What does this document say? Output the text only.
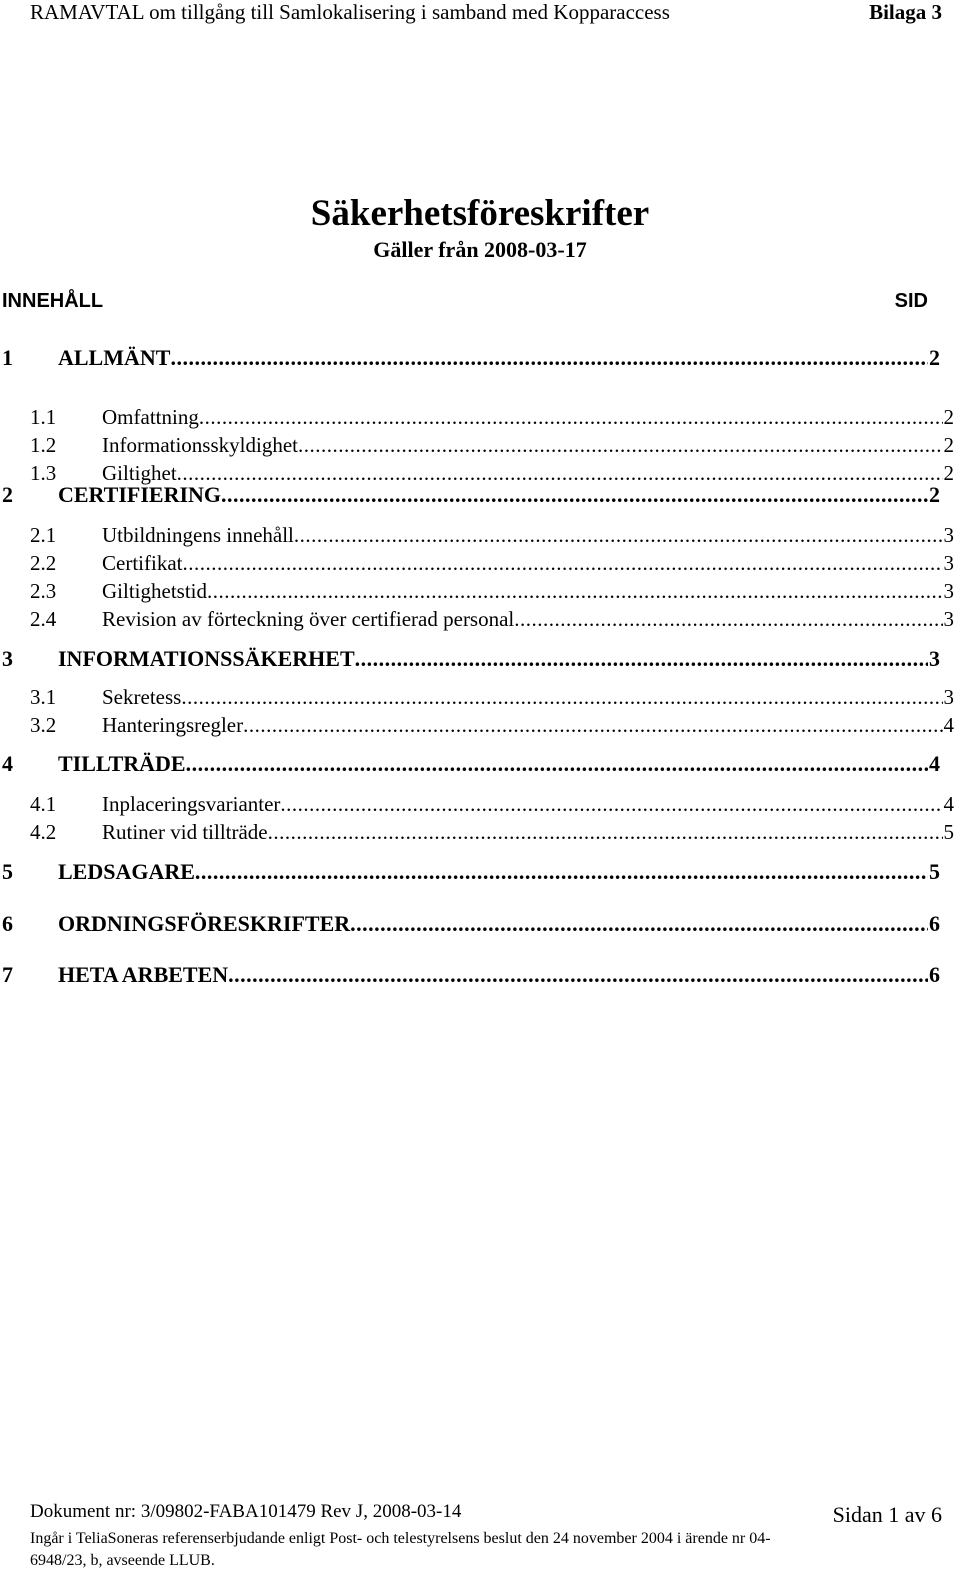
RAMAVTAL om tillgång till Samlokalisering i samband med Kopparaccess	Bilaga 3
Säkerhetsföreskrifter
Gäller från 2008-03-17
INNEHÅLL	SID
1	ALLMÄNT .....	2
1.1	Omfattning .....	2
1.2	Informationsskyldighet .....	2
1.3	Giltighet .....	2
2	CERTIFIERING .....	2
2.1	Utbildningens innehåll .....	3
2.2	Certifikat .....	3
2.3	Giltighetstid .....	3
2.4	Revision av förteckning över certifierad personal .....	3
3	INFORMATIONSSÄKERHET .....	3
3.1	Sekretess .....	3
3.2	Hanteringsregler .....	4
4	TILLTRÄDE .....	4
4.1	Inplaceringsvarianter .....	4
4.2	Rutiner vid tillträde .....	5
5	LEDSAGARE .....	5
6	ORDNINGSFÖRESKRIFTER .....	6
7	HETA ARBETEN .....	6
Dokument nr: 3/09802-FABA101479 Rev J, 2008-03-14	Sidan 1 av 6
Ingår i TeliaSoneras referenserbjudande enligt Post- och telestyrelsens beslut den 24 november 2004 i ärende nr 04-6948/23, b, avseende LLUB.
